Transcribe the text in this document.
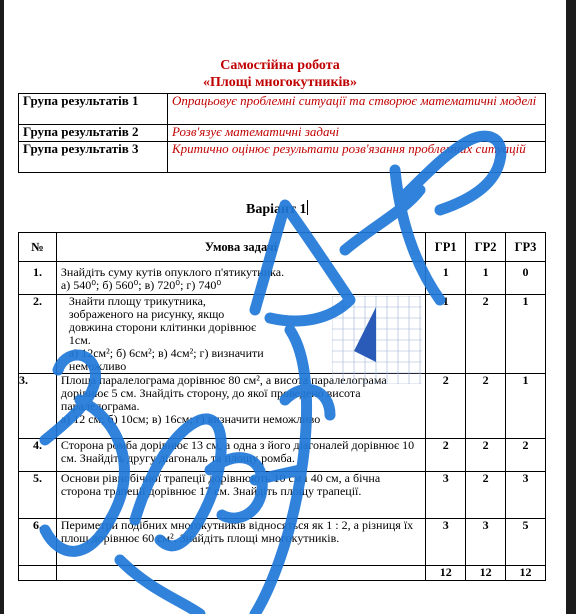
Самостійна робота
«Площі многокутників»
Група результатів 1	Опрацьовує проблемні ситуації та створює математичні моделі
Група результатів 2	Розв'язує математичні задачі
Група результатів 3	Критично оцінює результати розв'язання проблемних ситуацій
Варіант 1
№	Умова задачі	ГР1	ГР2	ГР3
1.	Знайдіть суму кутів опуклого п'ятикутника.
а) 540⁰; б) 560⁰; в) 720⁰; г) 740⁰	1	1	0
2.	Знайти площу трикутника, зображеного на рисунку, якщо довжина сторони клітинки дорівнює 1см.
а) 12см²; б) 6см²; в) 4см²; г) визначити неможливо	1	2	1
3.	Площа паралелограма дорівнює 80 см², а висота паралелограма дорівнює 5 см. Знайдіть сторону, до якої проведено висота паралелограма.
а) 12 см; б) 10см; в) 16см; г) визначити неможливо	2	2	1
4.	Сторона ромба дорівнює 13 см, а одна з його діагоналей дорівнює 10 см. Знайдіть другу діагональ та площу ромба.	2	2	2
5.	Основи рівнобічної трапеції дорівнюють 10 см і 40 см, а бічна сторона трапеції дорівнює 17 см. Знайдіть площу трапеції.	3	2	3
6.	Периметри подібних многокутників відносяться як 1 : 2, а різниця їх площ дорівнює 60 см². Знайдіть площі многокутників.	3	3	5
		12	12	12
